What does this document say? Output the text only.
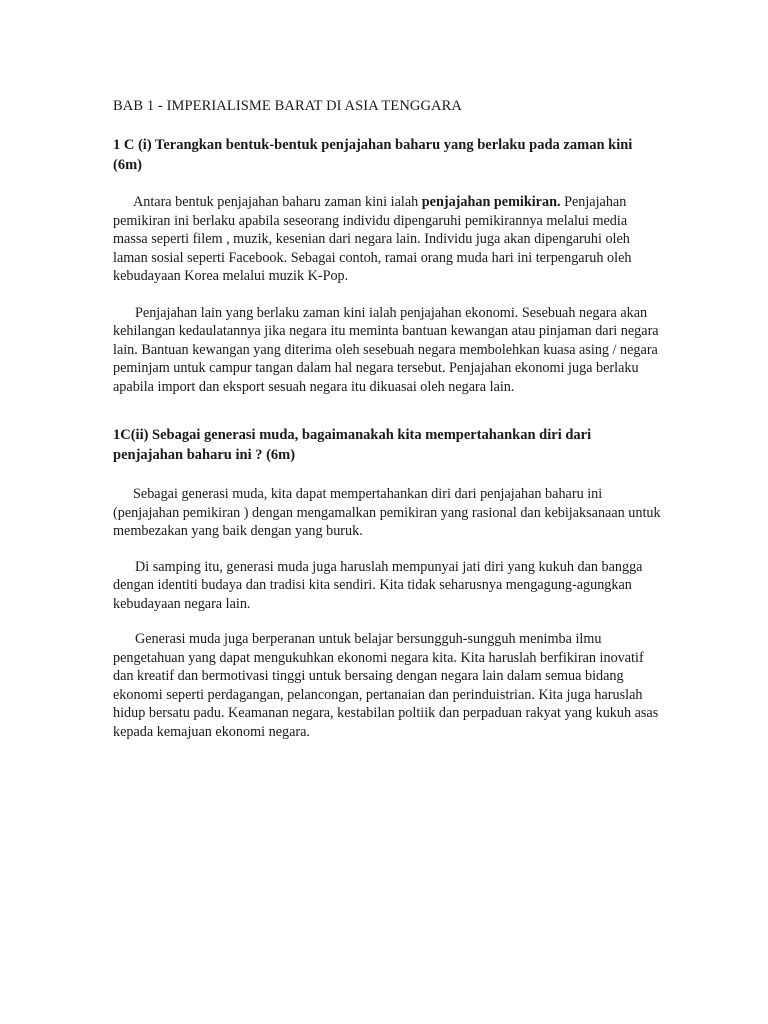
BAB 1 - IMPERIALISME BARAT DI ASIA TENGGARA
1 C (i) Terangkan bentuk-bentuk penjajahan baharu yang berlaku pada zaman kini (6m)

Antara bentuk penjajahan baharu zaman kini ialah penjajahan pemikiran. Penjajahan pemikiran ini berlaku apabila seseorang individu dipengaruhi pemikirannya melalui media massa seperti filem , muzik, kesenian dari negara lain. Individu juga akan dipengaruhi oleh laman sosial seperti Facebook. Sebagai contoh, ramai orang muda hari ini terpengaruh oleh kebudayaan Korea melalui muzik K-Pop.

Penjajahan lain yang berlaku zaman kini ialah penjajahan ekonomi. Sesebuah negara akan kehilangan kedaulatannya jika negara itu meminta bantuan kewangan atau pinjaman dari negara lain. Bantuan kewangan yang diterima oleh sesebuah negara membolehkan kuasa asing / negara peminjam untuk campur tangan dalam hal negara tersebut. Penjajahan ekonomi juga berlaku apabila import dan eksport sesuah negara itu dikuasai oleh negara lain.

1C(ii) Sebagai generasi muda, bagaimanakah kita mempertahankan diri dari penjajahan baharu ini ? (6m)

Sebagai generasi muda, kita dapat mempertahankan diri dari penjajahan baharu ini (penjajahan pemikiran ) dengan mengamalkan pemikiran yang rasional dan kebijaksanaan untuk membezakan yang baik dengan yang buruk.

Di samping itu, generasi muda juga haruslah mempunyai jati diri yang kukuh dan bangga dengan identiti budaya dan tradisi kita sendiri. Kita tidak seharusnya mengagung-agungkan kebudayaan negara lain.

Generasi muda juga berperanan untuk belajar bersungguh-sungguh menimba ilmu pengetahuan yang dapat mengukuhkan ekonomi negara kita. Kita haruslah berfikiran inovatif dan kreatif dan bermotivasi tinggi untuk bersaing dengan negara lain dalam semua bidang ekonomi seperti perdagangan, pelancongan, pertanaian dan perinduistrian. Kita juga haruslah hidup bersatu padu. Keamanan negara, kestabilan poltiik dan perpaduan rakyat yang kukuh asas kepada kemajuan ekonomi negara.
